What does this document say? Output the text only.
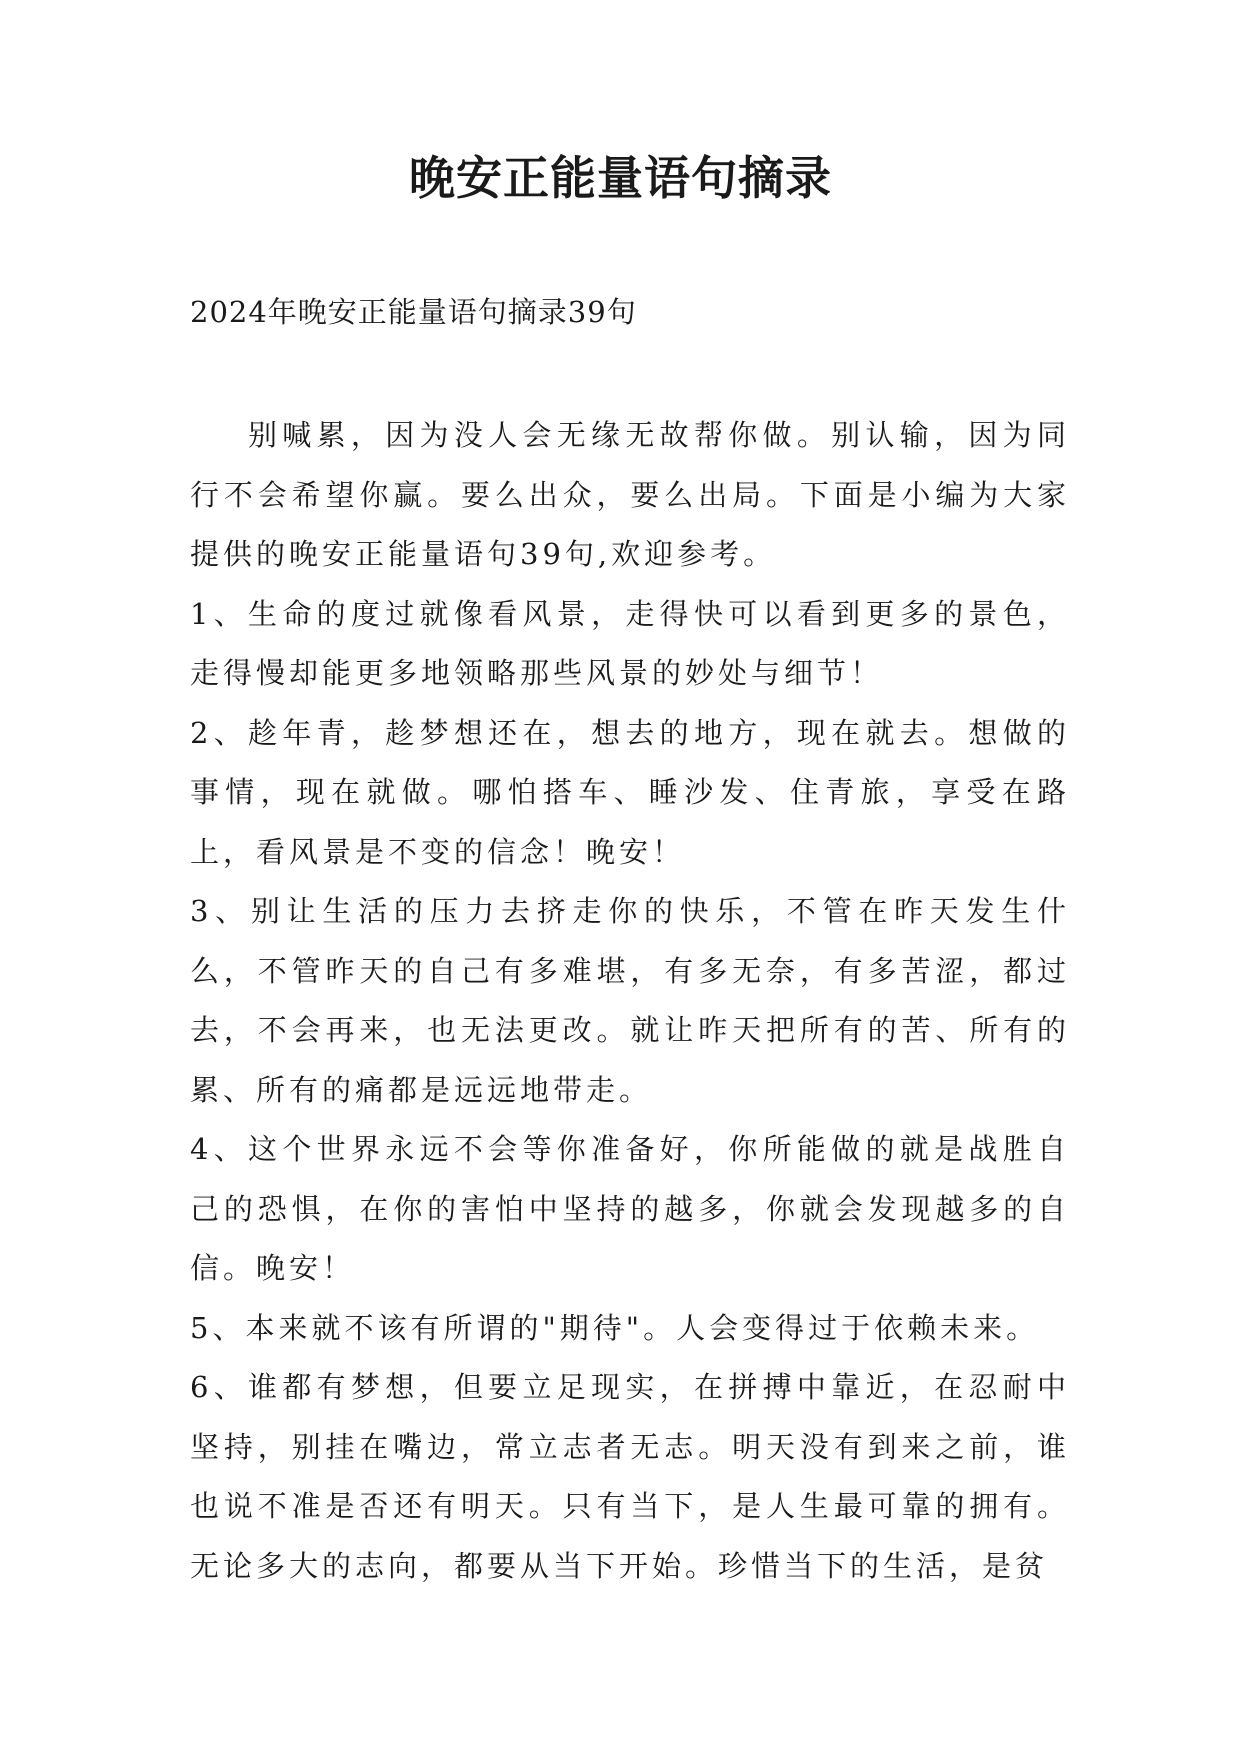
晚安正能量语句摘录

2024年晚安正能量语句摘录39句

别喊累，因为没人会无缘无故帮你做。别认输，因为同行不会希望你赢。要么出众，要么出局。下面是小编为大家提供的晚安正能量语句39句,欢迎参考。

1、生命的度过就像看风景，走得快可以看到更多的景色，走得慢却能更多地领略那些风景的妙处与细节！

2、趁年青，趁梦想还在，想去的地方，现在就去。想做的事情，现在就做。哪怕搭车、睡沙发、住青旅，享受在路上，看风景是不变的信念！晚安！

3、别让生活的压力去挤走你的快乐，不管在昨天发生什么，不管昨天的自己有多难堪，有多无奈，有多苦涩，都过去，不会再来，也无法更改。就让昨天把所有的苦、所有的累、所有的痛都是远远地带走。

4、这个世界永远不会等你准备好，你所能做的就是战胜自己的恐惧，在你的害怕中坚持的越多，你就会发现越多的自信。晚安！

5、本来就不该有所谓的"期待"。人会变得过于依赖未来。

6、谁都有梦想，但要立足现实，在拼搏中靠近，在忍耐中坚持，别挂在嘴边，常立志者无志。明天没有到来之前，谁也说不准是否还有明天。只有当下，是人生最可靠的拥有。无论多大的志向，都要从当下开始。珍惜当下的生活，是贫
